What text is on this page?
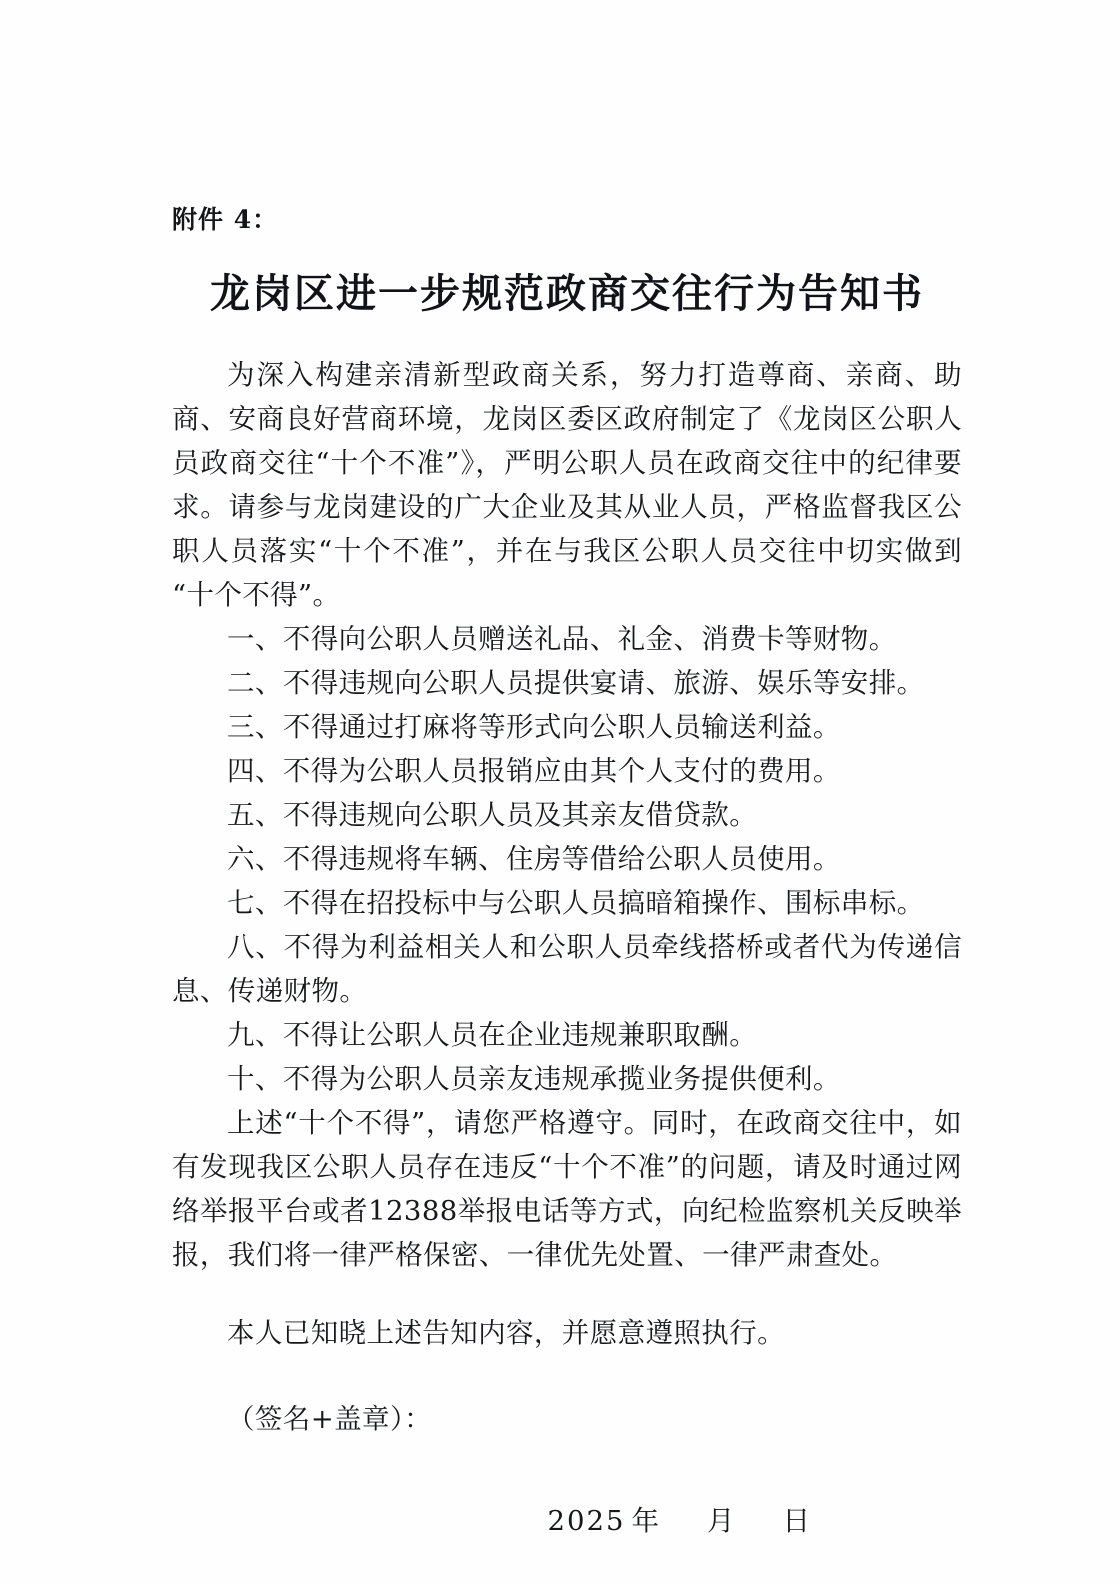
附件 4：
龙岗区进一步规范政商交往行为告知书

为深入构建亲清新型政商关系，努力打造尊商、亲商、助商、安商良好营商环境，龙岗区委区政府制定了《龙岗区公职人员政商交往“十个不准”》，严明公职人员在政商交往中的纪律要求。请参与龙岗建设的广大企业及其从业人员，严格监督我区公职人员落实“十个不准”，并在与我区公职人员交往中切实做到“十个不得”。

一、不得向公职人员赠送礼品、礼金、消费卡等财物。

二、不得违规向公职人员提供宴请、旅游、娱乐等安排。

三、不得通过打麻将等形式向公职人员输送利益。

四、不得为公职人员报销应由其个人支付的费用。

五、不得违规向公职人员及其亲友借贷款。

六、不得违规将车辆、住房等借给公职人员使用。

七、不得在招投标中与公职人员搞暗箱操作、围标串标。

八、不得为利益相关人和公职人员牵线搭桥或者代为传递信息、传递财物。

九、不得让公职人员在企业违规兼职取酬。

十、不得为公职人员亲友违规承揽业务提供便利。

上述“十个不得”，请您严格遵守。同时，在政商交往中，如有发现我区公职人员存在违反“十个不准”的问题，请及时通过网络举报平台或者12388举报电话等方式，向纪检监察机关反映举报，我们将一律严格保密、一律优先处置、一律严肃查处。

本人已知晓上述告知内容，并愿意遵照执行。

（签名+盖章）：

2025 年 月 日
